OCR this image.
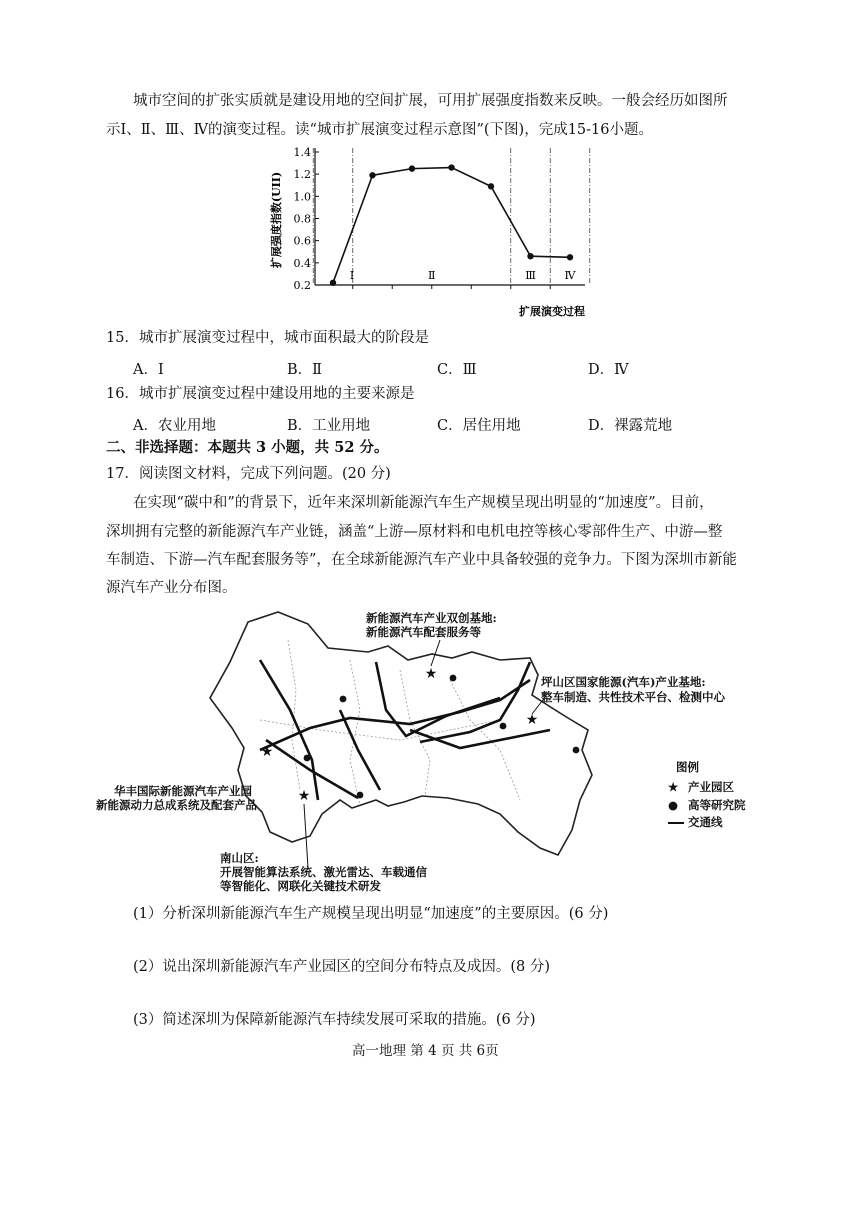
城市空间的扩张实质就是建设用地的空间扩展，可用扩展强度指数来反映。一般会经历如图所
示Ⅰ、Ⅱ、Ⅲ、Ⅳ的演变过程。读“城市扩展演变过程示意图”(下图)，完成15-16小题。
0.2
0.4
0.6
0.8
1.0
1.2
1.4
扩展强度指数(UII)
扩展演变过程
Ⅰ	Ⅱ	Ⅲ	Ⅳ
15．城市扩展演变过程中，城市面积最大的阶段是
A．Ⅰ	B．Ⅱ	C．Ⅲ	D．Ⅳ
16．城市扩展演变过程中建设用地的主要来源是
A．农业用地	B．工业用地	C．居住用地	D．裸露荒地
二、非选择题：本题共 3 小题，共 52 分。
17．阅读图文材料，完成下列问题。(20 分)
在实现“碳中和”的背景下，近年来深圳新能源汽车生产规模呈现出明显的“加速度”。目前，
深圳拥有完整的新能源汽车产业链，涵盖“上游—原材料和电机电控等核心零部件生产、中游—整
车制造、下游—汽车配套服务等”，在全球新能源汽车产业中具备较强的竞争力。下图为深圳市新能
源汽车产业分布图。
★
★
★
★
新能源汽车产业双创基地:
新能源汽车配套服务等
坪山区国家能源(汽车)产业基地:
整车制造、共性技术平台、检测中心
华丰国际新能源汽车产业园
新能源动力总成系统及配套产品
南山区:
开展智能算法系统、激光雷达、车载通信
等智能化、网联化关键技术研发
图例
★ 产业园区
● 高等研究院
交通线
(1）分析深圳新能源汽车生产规模呈现出明显“加速度”的主要原因。(6 分)
(2）说出深圳新能源汽车产业园区的空间分布特点及成因。(8 分)
(3）简述深圳为保障新能源汽车持续发展可采取的措施。(6 分)
高一地理 第 4 页 共 6页
